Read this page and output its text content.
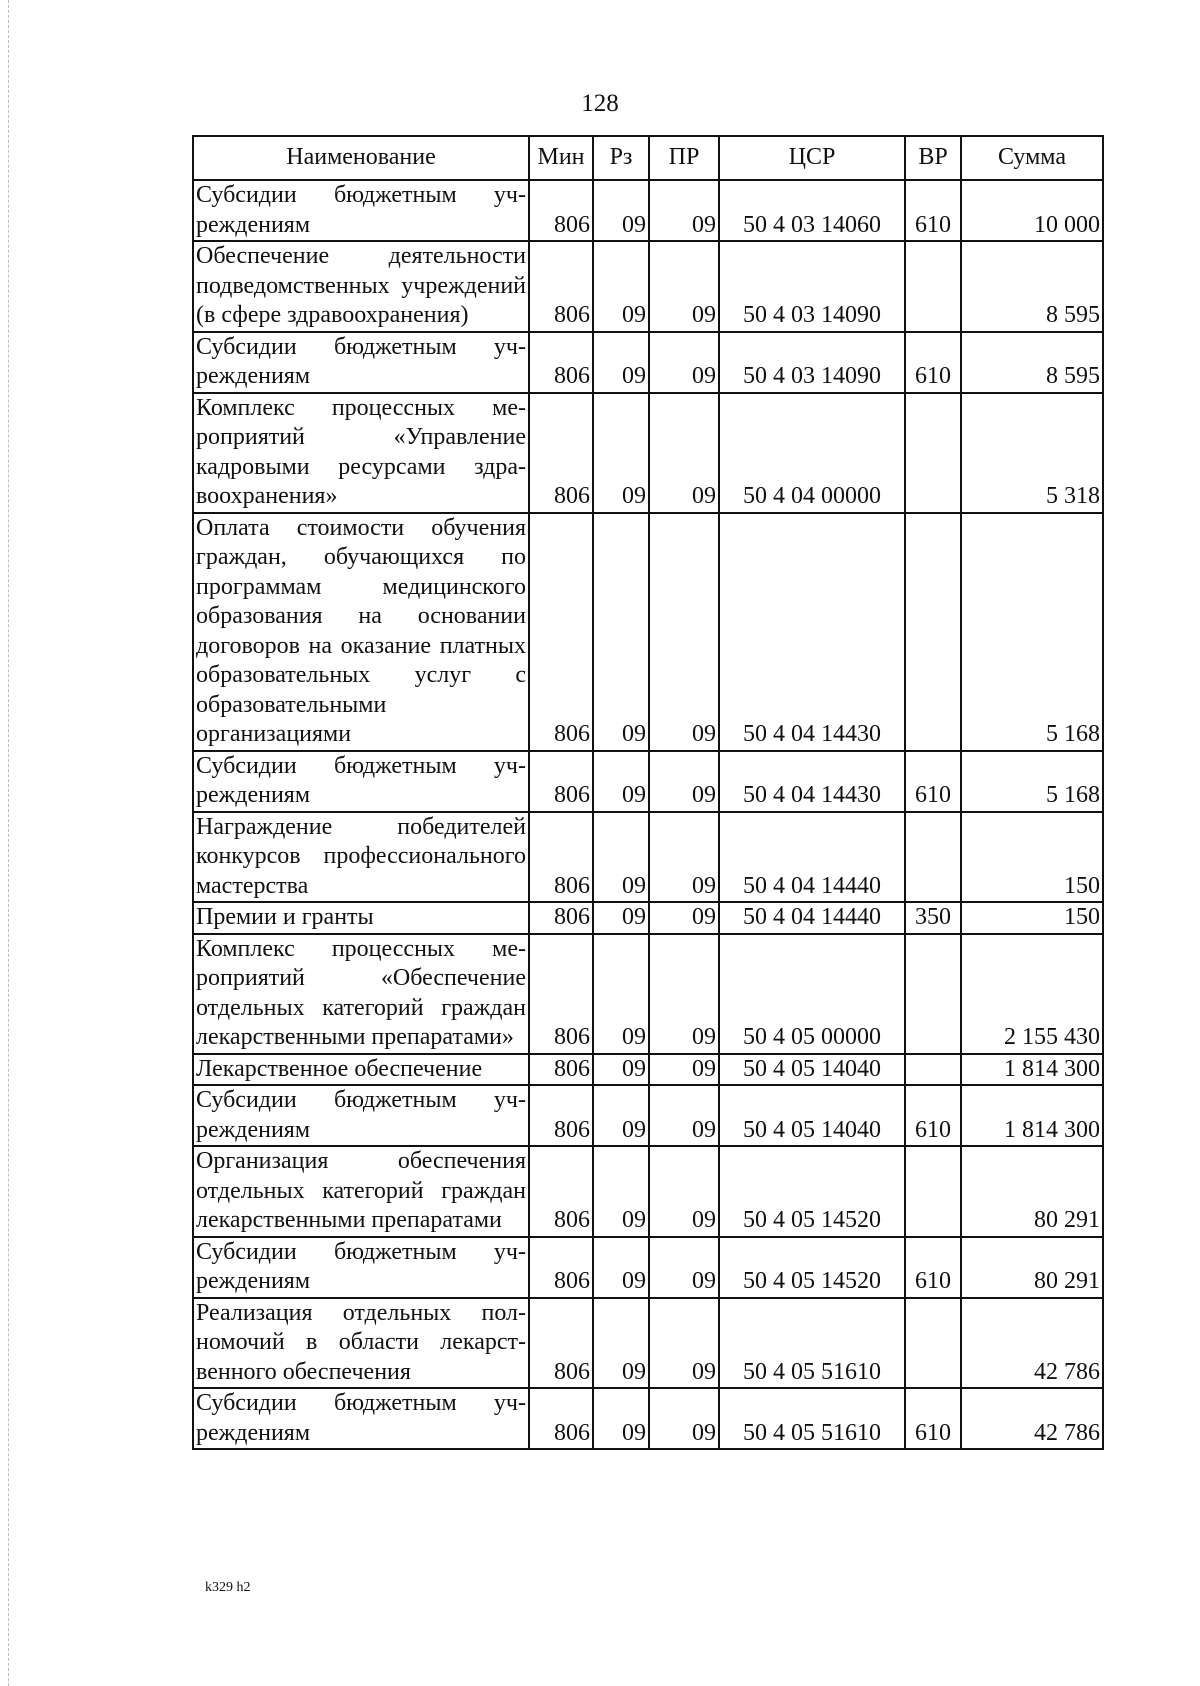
128
Наименование	Мин	Рз	ПР	ЦСР	ВР	Сумма
Субсидии бюджетным учреждениям	806	09	09	50 4 03 14060	610	10 000
Обеспечение деятельности подведомственных учреждений (в сфере здравоохранения)	806	09	09	50 4 03 14090		8 595
Субсидии бюджетным учреждениям	806	09	09	50 4 03 14090	610	8 595
Комплекс процессных мероприятий «Управление кадровыми ресурсами здравоохранения»	806	09	09	50 4 04 00000		5 318
Оплата стоимости обучения граждан, обучающихся по программам медицинского образования на основании договоров на оказание платных образовательных услуг с образовательными организациями	806	09	09	50 4 04 14430		5 168
Субсидии бюджетным учреждениям	806	09	09	50 4 04 14430	610	5 168
Награждение победителей конкурсов профессионального мастерства	806	09	09	50 4 04 14440		150
Премии и гранты	806	09	09	50 4 04 14440	350	150
Комплекс процессных мероприятий «Обеспечение отдельных категорий граждан лекарственными препаратами»	806	09	09	50 4 05 00000		2 155 430
Лекарственное обеспечение	806	09	09	50 4 05 14040		1 814 300
Субсидии бюджетным учреждениям	806	09	09	50 4 05 14040	610	1 814 300
Организация обеспечения отдельных категорий граждан лекарственными препаратами	806	09	09	50 4 05 14520		80 291
Субсидии бюджетным учреждениям	806	09	09	50 4 05 14520	610	80 291
Реализация отдельных полномочий в области лекарственного обеспечения	806	09	09	50 4 05 51610		42 786
Субсидии бюджетным учреждениям	806	09	09	50 4 05 51610	610	42 786
k329 h2
